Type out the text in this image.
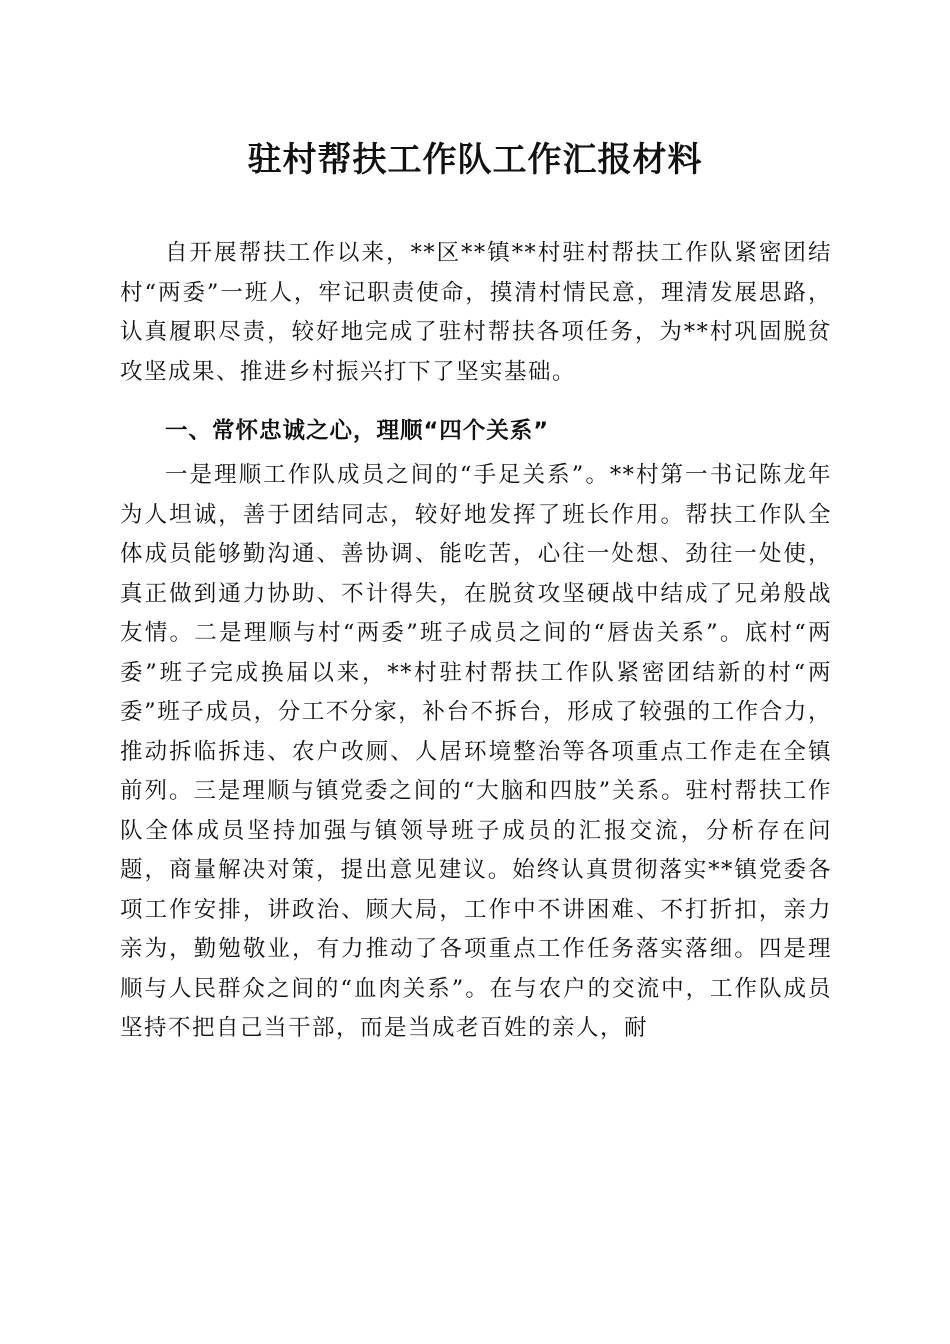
驻村帮扶工作队工作汇报材料

自开展帮扶工作以来，**区**镇**村驻村帮扶工作队紧密团结村“两委”一班人，牢记职责使命，摸清村情民意，理清发展思路，认真履职尽责，较好地完成了驻村帮扶各项任务，为**村巩固脱贫攻坚成果、推进乡村振兴打下了坚实基础。

一、常怀忠诚之心，理顺“四个关系”

一是理顺工作队成员之间的“手足关系”。**村第一书记陈龙年为人坦诚，善于团结同志，较好地发挥了班长作用。帮扶工作队全体成员能够勤沟通、善协调、能吃苦，心往一处想、劲往一处使，真正做到通力协助、不计得失，在脱贫攻坚硬战中结成了兄弟般战友情。二是理顺与村“两委”班子成员之间的“唇齿关系”。底村“两委”班子完成换届以来，**村驻村帮扶工作队紧密团结新的村“两委”班子成员，分工不分家，补台不拆台，形成了较强的工作合力，推动拆临拆违、农户改厕、人居环境整治等各项重点工作走在全镇前列。三是理顺与镇党委之间的“大脑和四肢”关系。驻村帮扶工作队全体成员坚持加强与镇领导班子成员的汇报交流，分析存在问题，商量解决对策，提出意见建议。始终认真贯彻落实**镇党委各项工作安排，讲政治、顾大局，工作中不讲困难、不打折扣，亲力亲为，勤勉敬业，有力推动了各项重点工作任务落实落细。四是理顺与人民群众之间的“血肉关系”。在与农户的交流中，工作队成员坚持不把自己当干部，而是当成老百姓的亲人，耐
